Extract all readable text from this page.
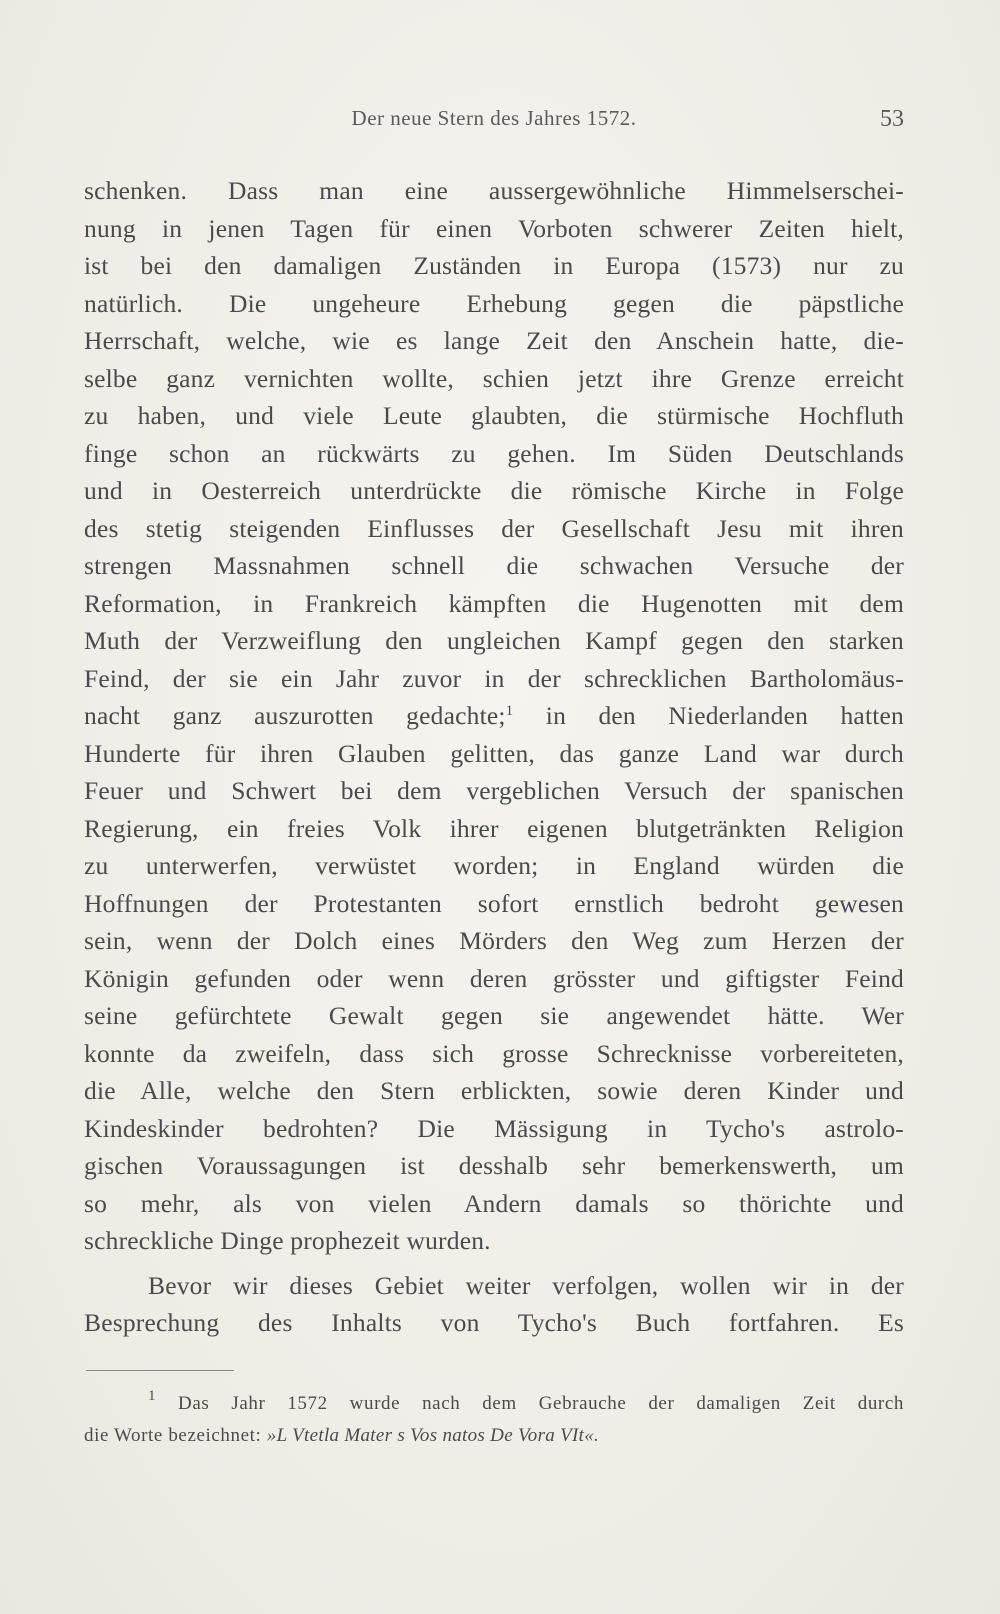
Der neue Stern des Jahres 1572.	53
schenken. Dass man eine aussergewöhnliche Himmelserschei-
nung in jenen Tagen für einen Vorboten schwerer Zeiten hielt,
ist bei den damaligen Zuständen in Europa (1573) nur zu
natürlich. Die ungeheure Erhebung gegen die päpstliche
Herrschaft, welche, wie es lange Zeit den Anschein hatte, die-
selbe ganz vernichten wollte, schien jetzt ihre Grenze erreicht
zu haben, und viele Leute glaubten, die stürmische Hochfluth
finge schon an rückwärts zu gehen. Im Süden Deutschlands
und in Oesterreich unterdrückte die römische Kirche in Folge
des stetig steigenden Einflusses der Gesellschaft Jesu mit ihren
strengen Massnahmen schnell die schwachen Versuche der
Reformation, in Frankreich kämpften die Hugenotten mit dem
Muth der Verzweiflung den ungleichen Kampf gegen den starken
Feind, der sie ein Jahr zuvor in der schrecklichen Bartholomäus-
nacht ganz auszurotten gedachte;$^1$ in den Niederlanden hatten
Hunderte für ihren Glauben gelitten, das ganze Land war durch
Feuer und Schwert bei dem vergeblichen Versuch der spanischen
Regierung, ein freies Volk ihrer eigenen blutgetränkten Religion
zu unterwerfen, verwüstet worden; in England würden die
Hoffnungen der Protestanten sofort ernstlich bedroht gewesen
sein, wenn der Dolch eines Mörders den Weg zum Herzen der
Königin gefunden oder wenn deren grösster und giftigster Feind
seine gefürchtete Gewalt gegen sie angewendet hätte. Wer
konnte da zweifeln, dass sich grosse Schrecknisse vorbereiteten,
die Alle, welche den Stern erblickten, sowie deren Kinder und
Kindeskinder bedrohten? Die Mässigung in Tycho's astrolo-
gischen Voraussagungen ist desshalb sehr bemerkenswerth, um
so mehr, als von vielen Andern damals so thörichte und
schreckliche Dinge prophezeit wurden.
Bevor wir dieses Gebiet weiter verfolgen, wollen wir in der
Besprechung des Inhalts von Tycho's Buch fortfahren. Es
$^1$ Das Jahr 1572 wurde nach dem Gebrauche der damaligen Zeit durch
die Worte bezeichnet: »L Vtetla Mater s Vos natos De Vora VIt«.
